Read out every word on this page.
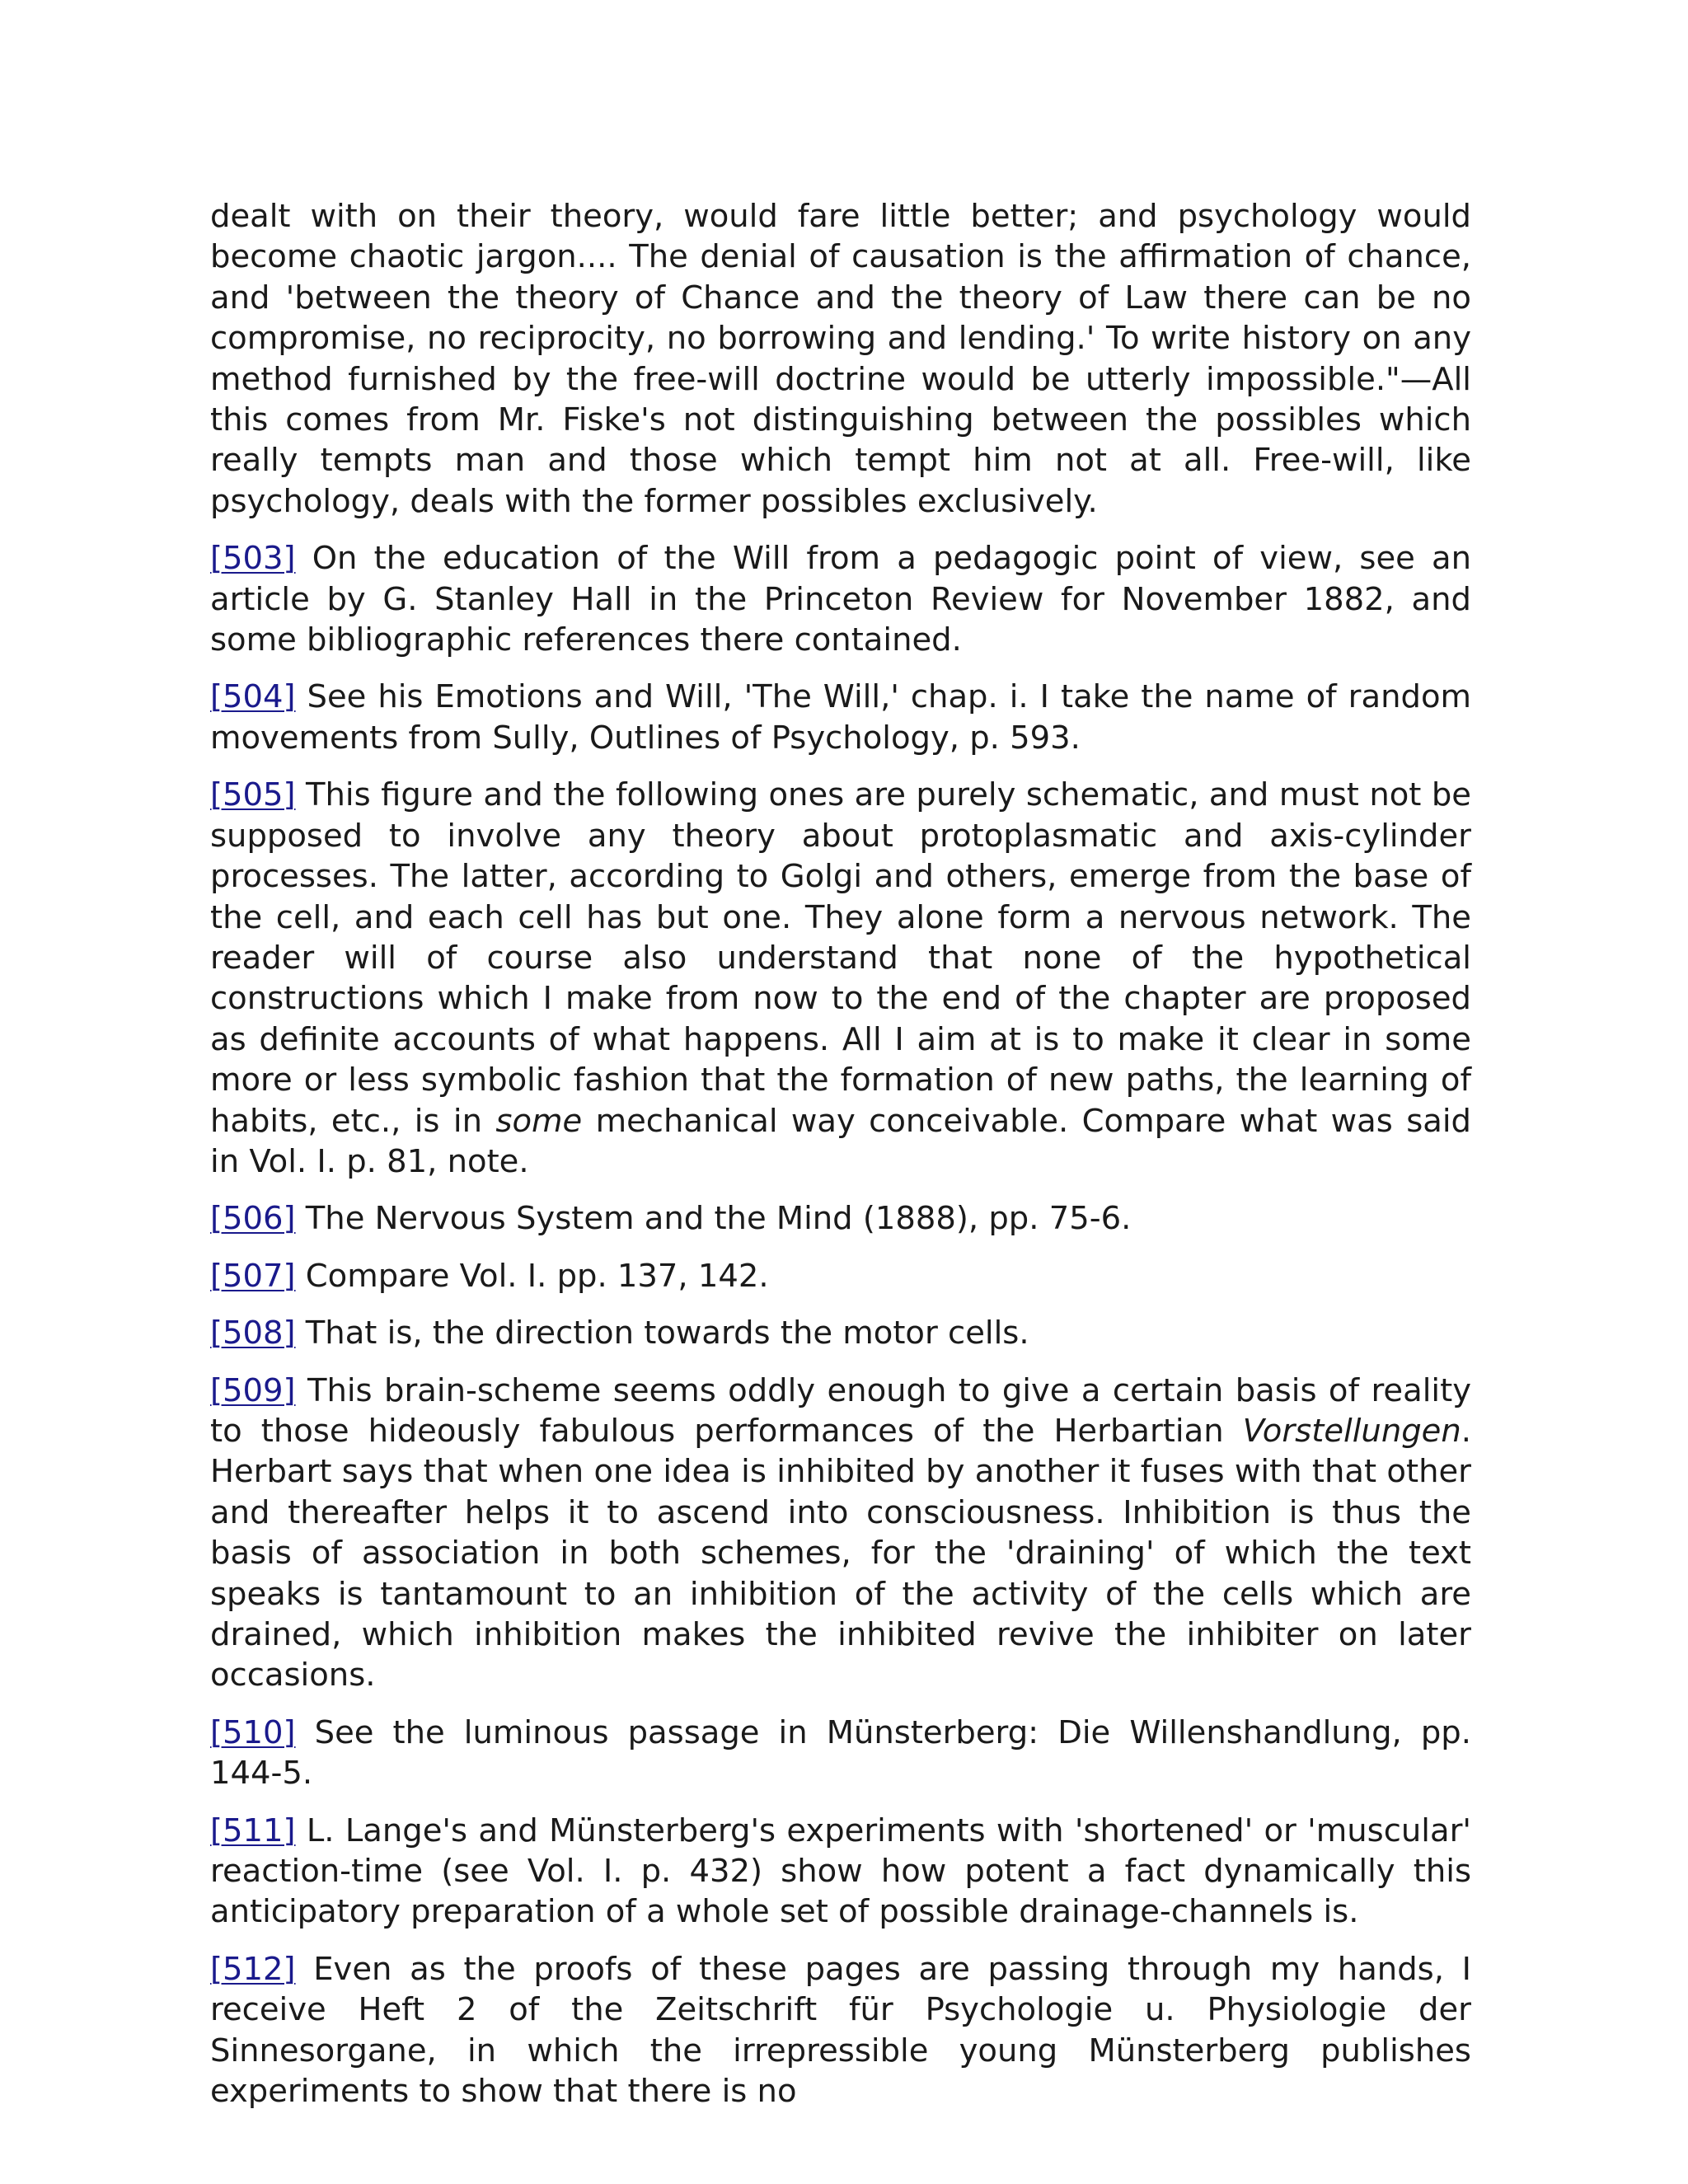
dealt with on their theory, would fare little better; and psychology would become chaotic jargon.... The denial of causation is the affirmation of chance, and 'between the theory of Chance and the theory of Law there can be no compromise, no reciprocity, no borrowing and lending.' To write history on any method furnished by the free-will doctrine would be utterly impossible."—All this comes from Mr. Fiske's not distinguishing between the possibles which really tempts man and those which tempt him not at all. Free-will, like psychology, deals with the former possibles exclusively.

[503] On the education of the Will from a pedagogic point of view, see an article by G. Stanley Hall in the Princeton Review for November 1882, and some bibliographic references there contained.

[504] See his Emotions and Will, 'The Will,' chap. i. I take the name of random movements from Sully, Outlines of Psychology, p. 593.

[505] This figure and the following ones are purely schematic, and must not be supposed to involve any theory about protoplasmatic and axis-cylinder processes. The latter, according to Golgi and others, emerge from the base of the cell, and each cell has but one. They alone form a nervous network. The reader will of course also understand that none of the hypothetical constructions which I make from now to the end of the chapter are proposed as definite accounts of what happens. All I aim at is to make it clear in some more or less symbolic fashion that the formation of new paths, the learning of habits, etc., is in some mechanical way conceivable. Compare what was said in Vol. I. p. 81, note.

[506] The Nervous System and the Mind (1888), pp. 75-6.

[507] Compare Vol. I. pp. 137, 142.

[508] That is, the direction towards the motor cells.

[509] This brain-scheme seems oddly enough to give a certain basis of reality to those hideously fabulous performances of the Herbartian Vorstellungen. Herbart says that when one idea is inhibited by another it fuses with that other and thereafter helps it to ascend into consciousness. Inhibition is thus the basis of association in both schemes, for the 'draining' of which the text speaks is tantamount to an inhibition of the activity of the cells which are drained, which inhibition makes the inhibited revive the inhibiter on later occasions.

[510] See the luminous passage in Münsterberg: Die Willenshandlung, pp. 144-5.

[511] L. Lange's and Münsterberg's experiments with 'shortened' or 'muscular' reaction-time (see Vol. I. p. 432) show how potent a fact dynamically this anticipatory preparation of a whole set of possible drainage-channels is.

[512] Even as the proofs of these pages are passing through my hands, I receive Heft 2 of the Zeitschrift für Psychologie u. Physiologie der Sinnesorgane, in which the irrepressible young Münsterberg publishes experiments to show that there is no
